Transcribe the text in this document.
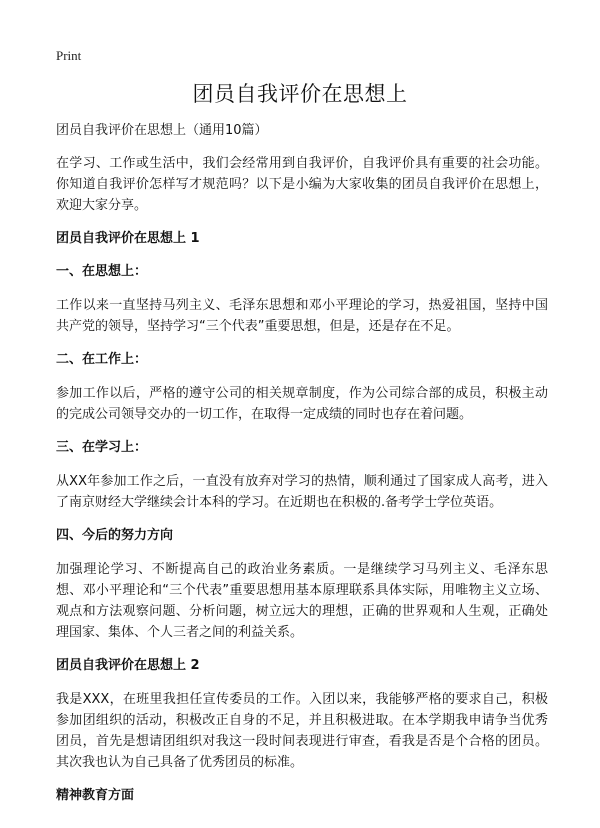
Print
团员自我评价在思想上
团员自我评价在思想上（通用10篇）

在学习、工作或生活中，我们会经常用到自我评价，自我评价具有重要的社会功能。你知道自我评价怎样写才规范吗？以下是小编为大家收集的团员自我评价在思想上，欢迎大家分享。

团员自我评价在思想上 1
一、在思想上：

工作以来一直坚持马列主义、毛泽东思想和邓小平理论的学习，热爱祖国，坚持中国共产党的领导，坚持学习“三个代表”重要思想，但是，还是存在不足。

二、在工作上：

参加工作以后，严格的遵守公司的相关规章制度，作为公司综合部的成员，积极主动的完成公司领导交办的一切工作，在取得一定成绩的同时也存在着问题。

三、在学习上：

从XX年参加工作之后，一直没有放弃对学习的热情，顺利通过了国家成人高考，进入了南京财经大学继续会计本科的学习。在近期也在积极的.备考学士学位英语。

四、今后的努力方向

加强理论学习、不断提高自己的政治业务素质。一是继续学习马列主义、毛泽东思想、邓小平理论和“三个代表”重要思想用基本原理联系具体实际，用唯物主义立场、观点和方法观察问题、分析问题，树立远大的理想，正确的世界观和人生观，正确处理国家、集体、个人三者之间的利益关系。

团员自我评价在思想上 2

我是XXX，在班里我担任宣传委员的工作。入团以来，我能够严格的要求自己，积极参加团组织的活动，积极改正自身的不足，并且积极进取。在本学期我申请争当优秀团员，首先是想请团组织对我这一段时间表现进行审查，看我是否是个合格的团员。其次我也认为自己具备了优秀团员的标准。

精神教育方面
